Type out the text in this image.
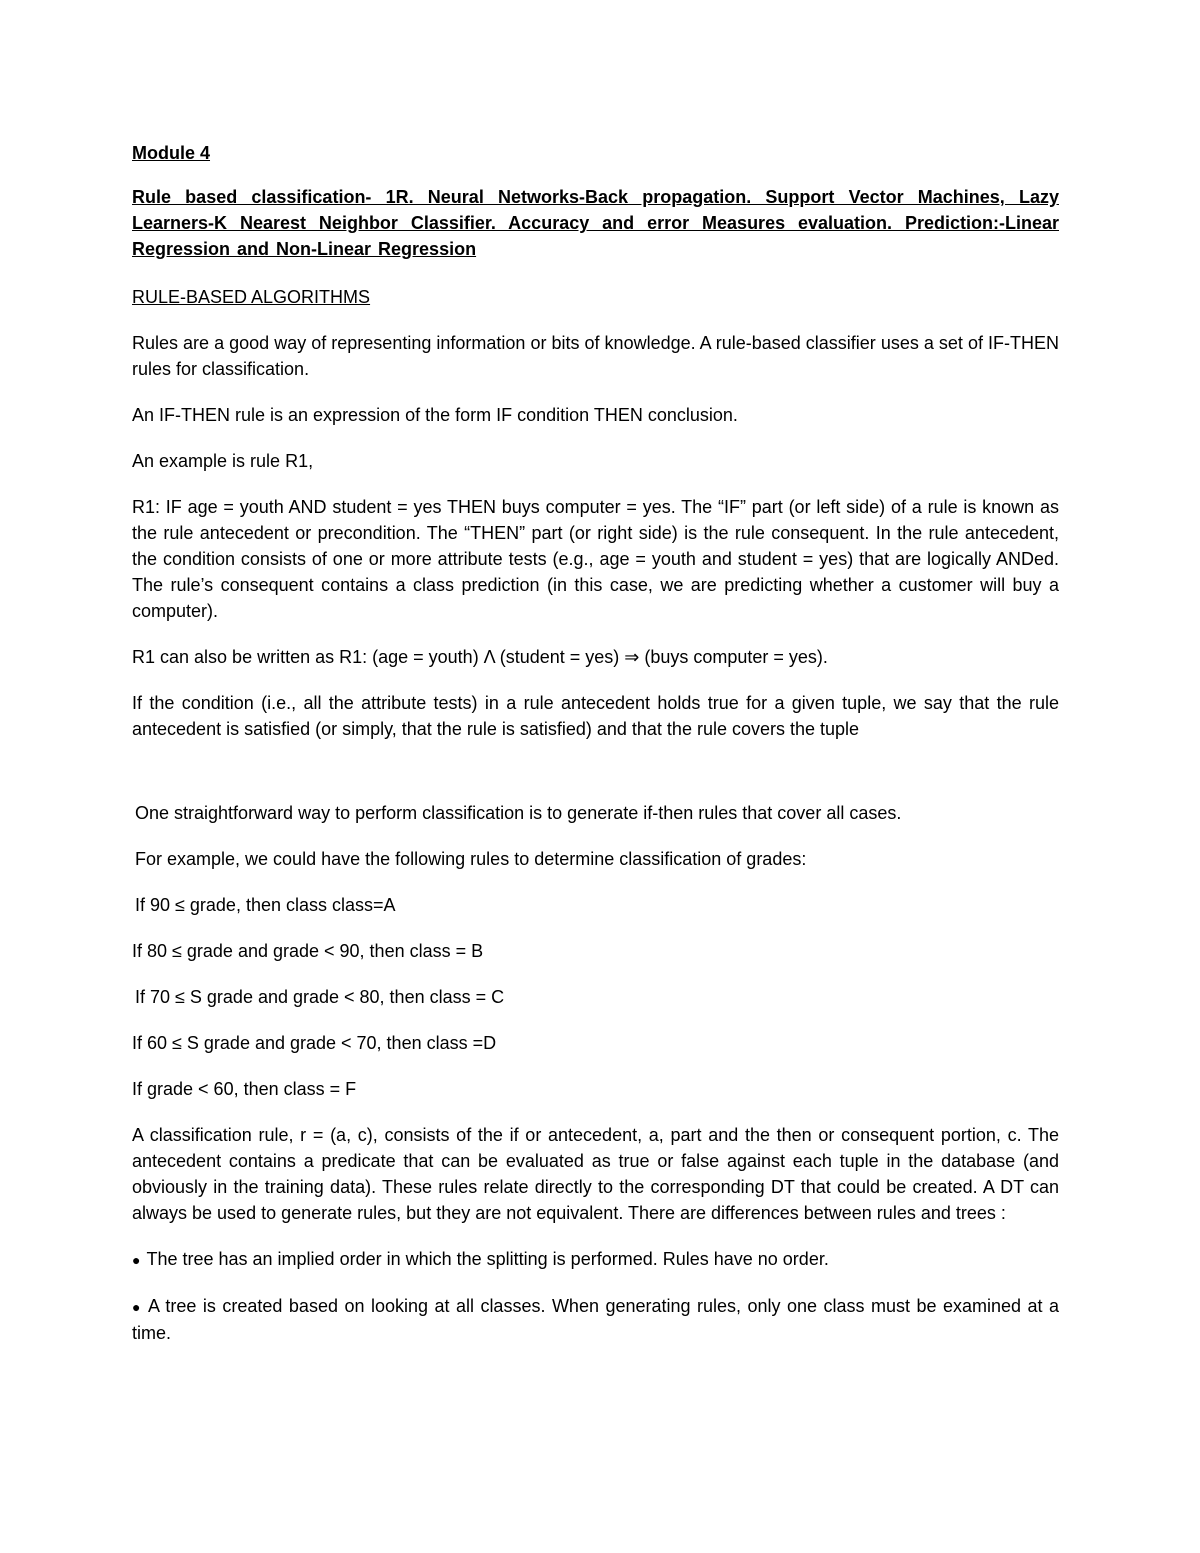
Module 4

Rule based classification- 1R. Neural Networks-Back propagation. Support Vector Machines, Lazy Learners-K Nearest Neighbor Classifier. Accuracy and error Measures evaluation. Prediction:-Linear Regression and Non-Linear Regression

RULE-BASED ALGORITHMS

Rules are a good way of representing information or bits of knowledge. A rule-based classifier uses a set of IF-THEN rules for classification.

An IF-THEN rule is an expression of the form IF condition THEN conclusion.

An example is rule R1,

R1: IF age = youth AND student = yes THEN buys computer = yes. The “IF” part (or left side) of a rule is known as the rule antecedent or precondition. The “THEN” part (or right side) is the rule consequent. In the rule antecedent, the condition consists of one or more attribute tests (e.g., age = youth and student = yes) that are logically ANDed. The rule’s consequent contains a class prediction (in this case, we are predicting whether a customer will buy a computer).

R1 can also be written as R1: (age = youth) Λ (student = yes) ⇒ (buys computer = yes).

If the condition (i.e., all the attribute tests) in a rule antecedent holds true for a given tuple, we say that the rule antecedent is satisfied (or simply, that the rule is satisfied) and that the rule covers the tuple

One straightforward way to perform classification is to generate if-then rules that cover all cases.

For example, we could have the following rules to determine classification of grades:

If 90 ≤ grade, then class class=A

If 80 ≤ grade and grade < 90, then class = B

If 70 ≤ S grade and grade < 80, then class = C

If 60 ≤ S grade and grade < 70, then class =D

If grade < 60, then class = F

A classification rule, r = (a, c), consists of the if or antecedent, a, part and the then or consequent portion, c. The antecedent contains a predicate that can be evaluated as true or false against each tuple in the database (and obviously in the training data). These rules relate directly to the corresponding DT that could be created. A DT can always be used to generate rules, but they are not equivalent. There are differences between rules and trees :

● The tree has an implied order in which the splitting is performed. Rules have no order.

● A tree is created based on looking at all classes. When generating rules, only one class must be examined at a time.
